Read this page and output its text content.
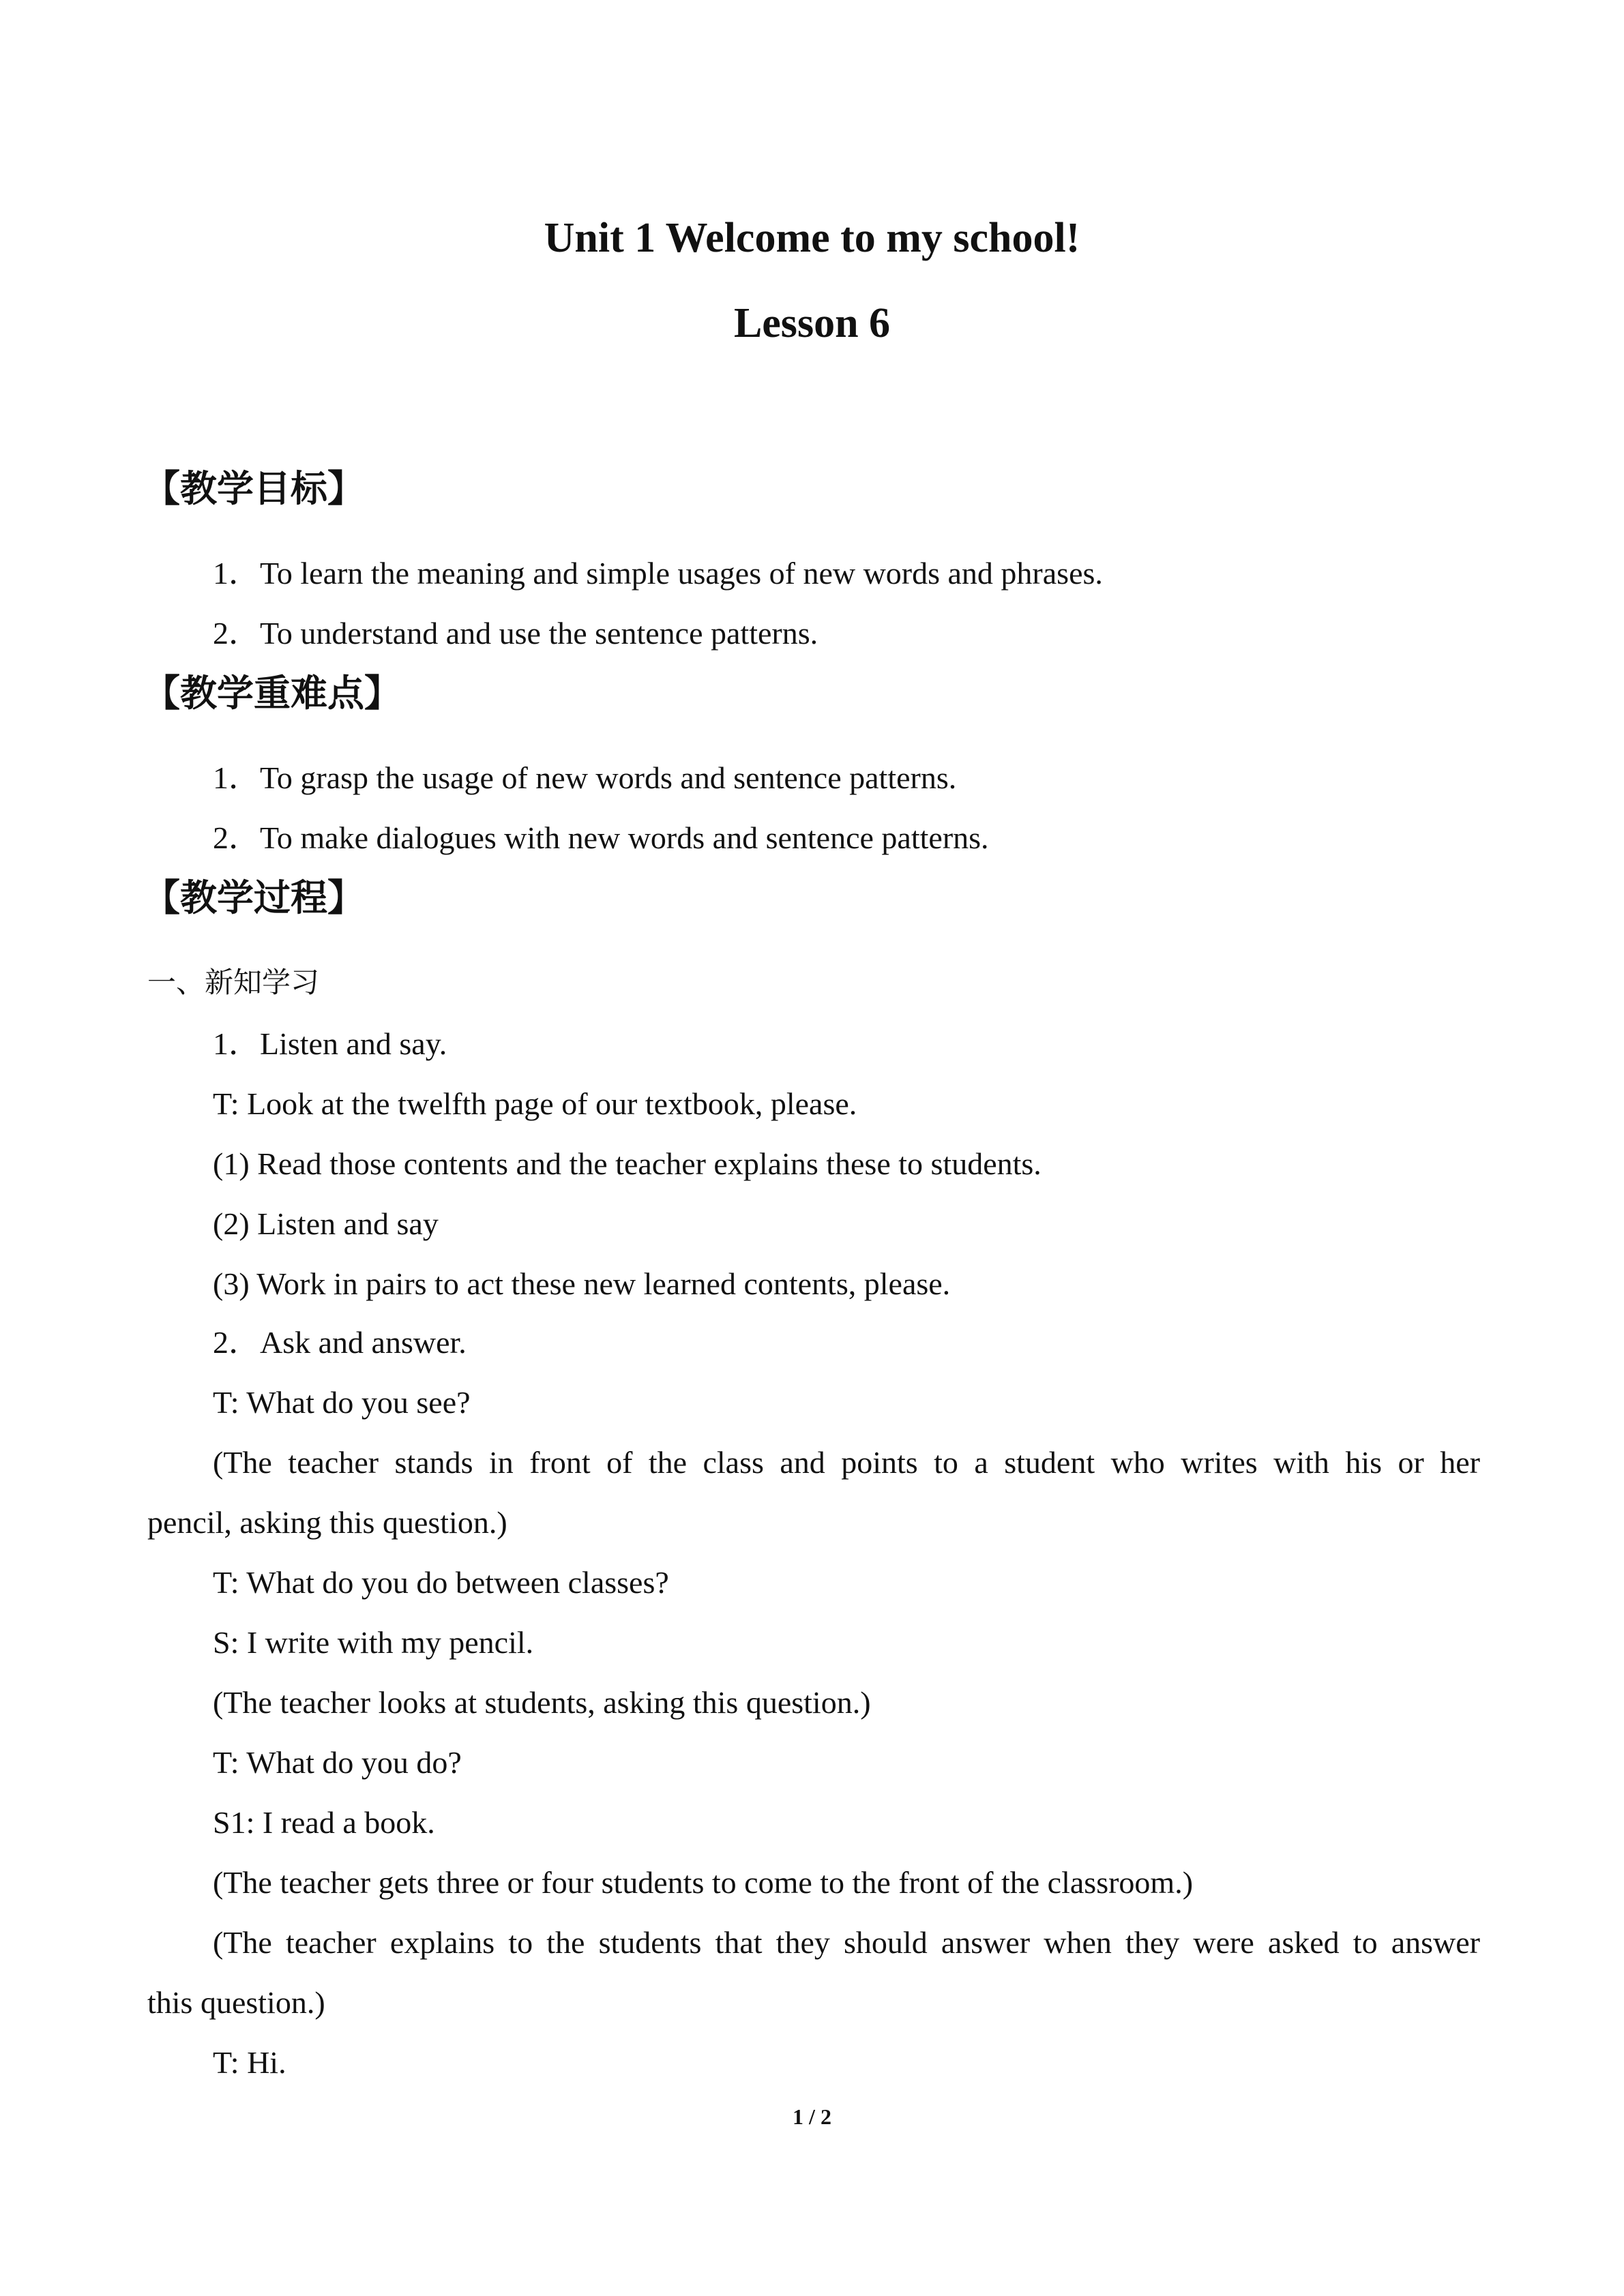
Unit 1 Welcome to my school!
Lesson 6
【教学目标】
1．To learn the meaning and simple usages of new words and phrases.
2．To understand and use the sentence patterns.
【教学重难点】
1．To grasp the usage of new words and sentence patterns.
2．To make dialogues with new words and sentence patterns.
【教学过程】
一、新知学习
1．Listen and say.
T: Look at the twelfth page of our textbook, please.
(1) Read those contents and the teacher explains these to students.
(2) Listen and say
(3) Work in pairs to act these new learned contents, please.
2．Ask and answer.
T: What do you see?
(The teacher stands in front of the class and points to a student who writes with his or her
pencil, asking this question.)
T: What do you do between classes?
S: I write with my pencil.
(The teacher looks at students, asking this question.)
T: What do you do?
S1: I read a book.
(The teacher gets three or four students to come to the front of the classroom.)
(The teacher explains to the students that they should answer when they were asked to answer
this question.)
T: Hi.
1 / 2
